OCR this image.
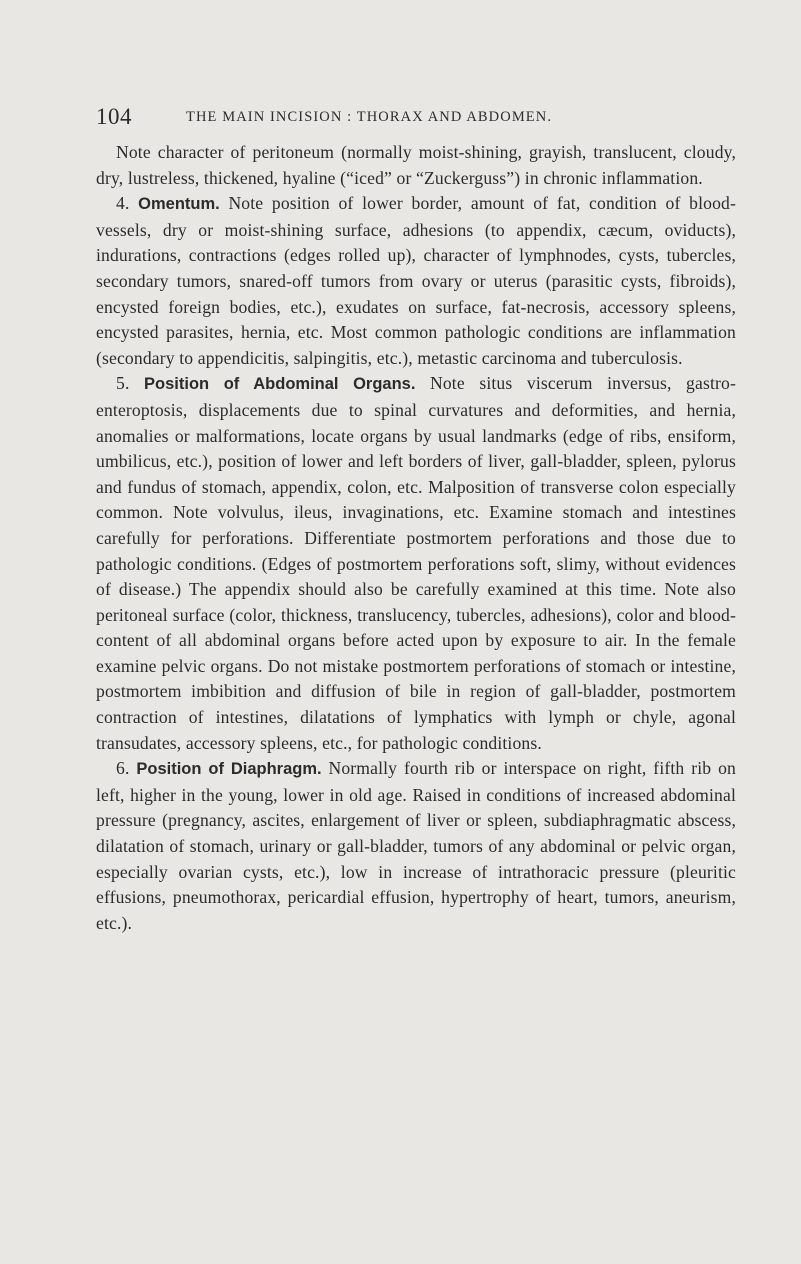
104	THE MAIN INCISION : THORAX AND ABDOMEN.

Note character of peritoneum (normally moist-shining, grayish, translucent, cloudy, dry, lustreless, thickened, hyaline (“iced” or “Zuckerguss”) in chronic inflammation.

4. Omentum. Note position of lower border, amount of fat, condition of blood-vessels, dry or moist-shining surface, adhesions (to appendix, cæcum, oviducts), indurations, contractions (edges rolled up), character of lymphnodes, cysts, tubercles, secondary tumors, snared-off tumors from ovary or uterus (parasitic cysts, fibroids), encysted foreign bodies, etc.), exudates on surface, fat-necrosis, accessory spleens, encysted parasites, hernia, etc. Most common pathologic conditions are inflammation (secondary to appendicitis, salpingitis, etc.), metastic carcinoma and tuberculosis.

5. Position of Abdominal Organs. Note situs viscerum inversus, gastro-enteroptosis, displacements due to spinal curvatures and deformities, and hernia, anomalies or malformations, locate organs by usual landmarks (edge of ribs, ensiform, umbilicus, etc.), position of lower and left borders of liver, gall-bladder, spleen, pylorus and fundus of stomach, appendix, colon, etc. Malposition of transverse colon especially common. Note volvulus, ileus, invaginations, etc. Examine stomach and intestines carefully for perforations. Differentiate postmortem perforations and those due to pathologic conditions. (Edges of postmortem perforations soft, slimy, without evidences of disease.) The appendix should also be carefully examined at this time. Note also peritoneal surface (color, thickness, translucency, tubercles, adhesions), color and blood-content of all abdominal organs before acted upon by exposure to air. In the female examine pelvic organs. Do not mistake postmortem perforations of stomach or intestine, postmortem imbibition and diffusion of bile in region of gall-bladder, postmortem contraction of intestines, dilatations of lymphatics with lymph or chyle, agonal transudates, accessory spleens, etc., for pathologic conditions.

6. Position of Diaphragm. Normally fourth rib or interspace on right, fifth rib on left, higher in the young, lower in old age. Raised in conditions of increased abdominal pressure (pregnancy, ascites, enlargement of liver or spleen, subdiaphragmatic abscess, dilatation of stomach, urinary or gall-bladder, tumors of any abdominal or pelvic organ, especially ovarian cysts, etc.), low in increase of intrathoracic pressure (pleuritic effusions, pneumothorax, pericardial effusion, hypertrophy of heart, tumors, aneurism, etc.).
